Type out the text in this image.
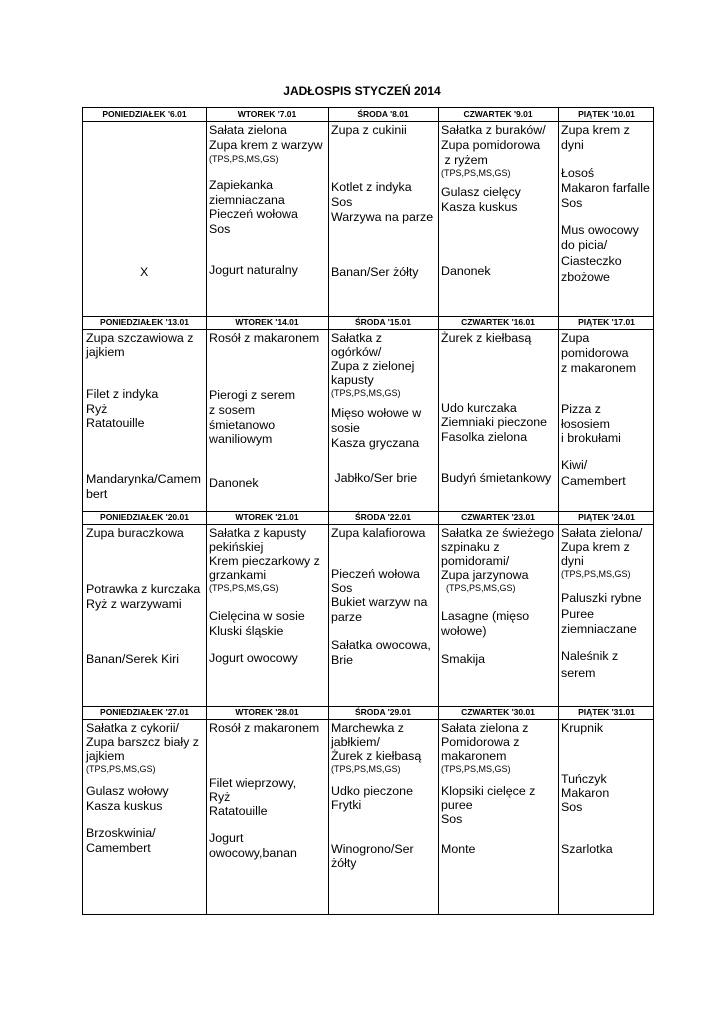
JADŁOSPIS STYCZEŃ 2014
PONIEDZIAŁEK '6.01
X
WTOREK '7.01
Sałata zielona
Zupa krem z warzyw
(TPS,PS,MS,GS)
Zapiekanka
ziemniaczana
Pieczeń wołowa
Sos
Jogurt naturalny
ŚRODA '8.01
Zupa z cukinii
Kotlet z indyka
Sos
Warzywa na parze
Banan/Ser żółty
CZWARTEK '9.01
Sałatka z buraków/
Zupa pomidorowa
z ryżem
(TPS,PS,MS,GS)
Gulasz cielęcy
Kasza kuskus
Danonek
PIĄTEK '10.01
Zupa krem z
dyni
Łosoś
Makaron farfalle
Sos
Mus owocowy
do picia/
Ciasteczko
zbożowe
PONIEDZIAŁEK '13.01
Zupa szczawiowa z
jajkiem
Filet z indyka
Ryż
Ratatouille
Mandarynka/Camem
bert
WTOREK '14.01
Rosół z makaronem
Pierogi z serem
z sosem
śmietanowo
waniliowym
Danonek
ŚRODA '15.01
Sałatka z
ogórków/
Zupa z zielonej
kapusty
(TPS,PS,MS,GS)
Mięso wołowe w
sosie
Kasza gryczana
Jabłko/Ser brie
CZWARTEK '16.01
Żurek z kiełbasą
Udo kurczaka
Ziemniaki pieczone
Fasolka zielona
Budyń śmietankowy
PIĄTEK '17.01
Zupa
pomidorowa
z makaronem
Pizza z
łososiem
i brokułami
Kiwi/
Camembert
PONIEDZIAŁEK '20.01
Zupa buraczkowa
Potrawka z kurczaka
Ryż z warzywami
Banan/Serek Kiri
WTOREK '21.01
Sałatka z kapusty
pekińskiej
Krem pieczarkowy z
grzankami
(TPS,PS,MS,GS)
Cielęcina w sosie
Kluski śląskie
Jogurt owocowy
ŚRODA '22.01
Zupa kalafiorowa
Pieczeń wołowa
Sos
Bukiet warzyw na
parze
Sałatka owocowa,
Brie
CZWARTEK '23.01
Sałatka ze świeżego
szpinaku z
pomidorami/
Zupa jarzynowa
(TPS,PS,MS,GS)
Lasagne (mięso
wołowe)
Smakija
PIĄTEK '24.01
Sałata zielona/
Zupa krem z
dyni
(TPS,PS,MS,GS)
Paluszki rybne
Puree
ziemniaczane
Naleśnik z
serem
PONIEDZIAŁEK '27.01
Sałatka z cykorii/
Zupa barszcz biały z
jajkiem
(TPS,PS,MS,GS)
Gulasz wołowy
Kasza kuskus
Brzoskwinia/
Camembert
WTOREK '28.01
Rosół z makaronem
Filet wieprzowy,
Ryż
Ratatouille
Jogurt
owocowy,banan
ŚRODA '29.01
Marchewka z
jabłkiem/
Żurek z kiełbasą
(TPS,PS,MS,GS)
Udko pieczone
Frytki
Winogrono/Ser
żółty
CZWARTEK '30.01
Sałata zielona z
Pomidorowa z
makaronem
(TPS,PS,MS,GS)
Klopsiki cielęce z
puree
Sos
Monte
PIĄTEK '31.01
Krupnik
Tuńczyk
Makaron
Sos
Szarlotka
